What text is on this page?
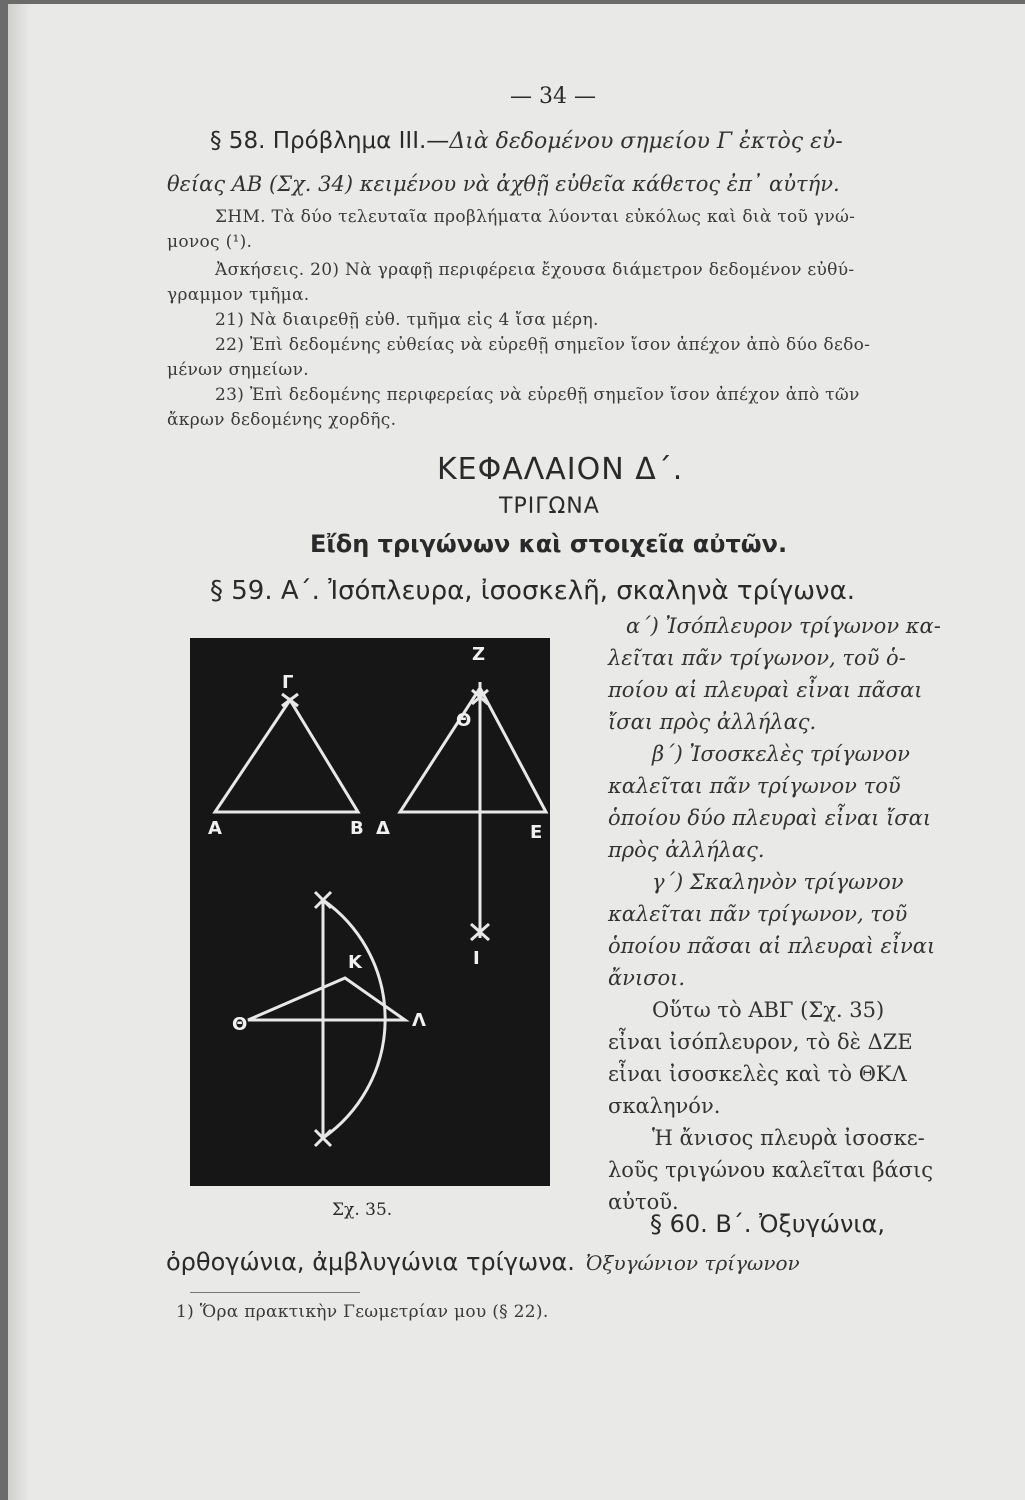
— 34 —
§ 58. Πρόβλημα ΙΙΙ.—Διὰ δεδομένου σημείου Γ ἐκτὸς εὐ-
θείας ΑΒ (Σχ. 34) κειμένου νὰ ἀχθῇ εὐθεῖα κάθετος ἐπ᾽ αὐτήν.
ΣΗΜ. Τὰ δύο τελευταῖα προβλήματα λύονται εὐκόλως καὶ διὰ τοῦ γνώ-
μονος (¹).
Ἀσκήσεις. 20) Νὰ γραφῇ περιφέρεια ἔχουσα διάμετρον δεδομένον εὐθύ-
γραμμον τμῆμα.
21) Νὰ διαιρεθῇ εὐθ. τμῆμα εἰς 4 ἴσα μέρη.
22) Ἐπὶ δεδομένης εὐθείας νὰ εὑρεθῇ σημεῖον ἴσον ἀπέχον ἀπὸ δύο δεδο-
μένων σημείων.
23) Ἐπὶ δεδομένης περιφερείας νὰ εὑρεθῇ σημεῖον ἴσον ἀπέχον ἀπὸ τῶν
ἄκρων δεδομένης χορδῆς.
ΚΕΦΑΛΑΙΟΝ Δ΄.
ΤΡΙΓΩΝΑ
Εἴδη τριγώνων καὶ στοιχεῖα αὐτῶν.
§ 59. Α΄. Ἰσόπλευρα, ἰσοσκελῆ, σκαληνὰ τρίγωνα.
α΄) Ἰσόπλευρον τρίγωνον κα-
λεῖται πᾶν τρίγωνον, τοῦ ὁ-
ποίου αἱ πλευραὶ εἶναι πᾶσαι
ἴσαι πρὸς ἀλλήλας.
β΄) Ἰσοσκελὲς τρίγωνον
καλεῖται πᾶν τρίγωνον τοῦ
ὁποίου δύο πλευραὶ εἶναι ἴσαι
πρὸς ἀλλήλας.
γ΄) Σκαληνὸν τρίγωνον
καλεῖται πᾶν τρίγωνον, τοῦ
ὁποίου πᾶσαι αἱ πλευραὶ εἶναι
ἄνισοι.
Οὕτω τὸ ΑΒΓ (Σχ. 35)
εἶναι ἰσόπλευρον, τὸ δὲ ΔΖΕ
εἶναι ἰσοσκελὲς καὶ τὸ ΘΚΛ
σκαληνόν.
Ἡ ἄνισος πλευρὰ ἰσοσκε-
λοῦς τριγώνου καλεῖται βάσις
αὐτοῦ.
Α	Β
Γ
Δ	Ε
Ζ
Θ
Ι
Κ
Θ	Λ
Σχ. 35.	§ 60. Β΄. Ὀξυγώνια,
ὀρθογώνια, ἀμβλυγώνια τρίγωνα. Ὀξυγώνιον τρίγωνον
1) Ὅρα πρακτικὴν Γεωμετρίαν μου (§ 22).
